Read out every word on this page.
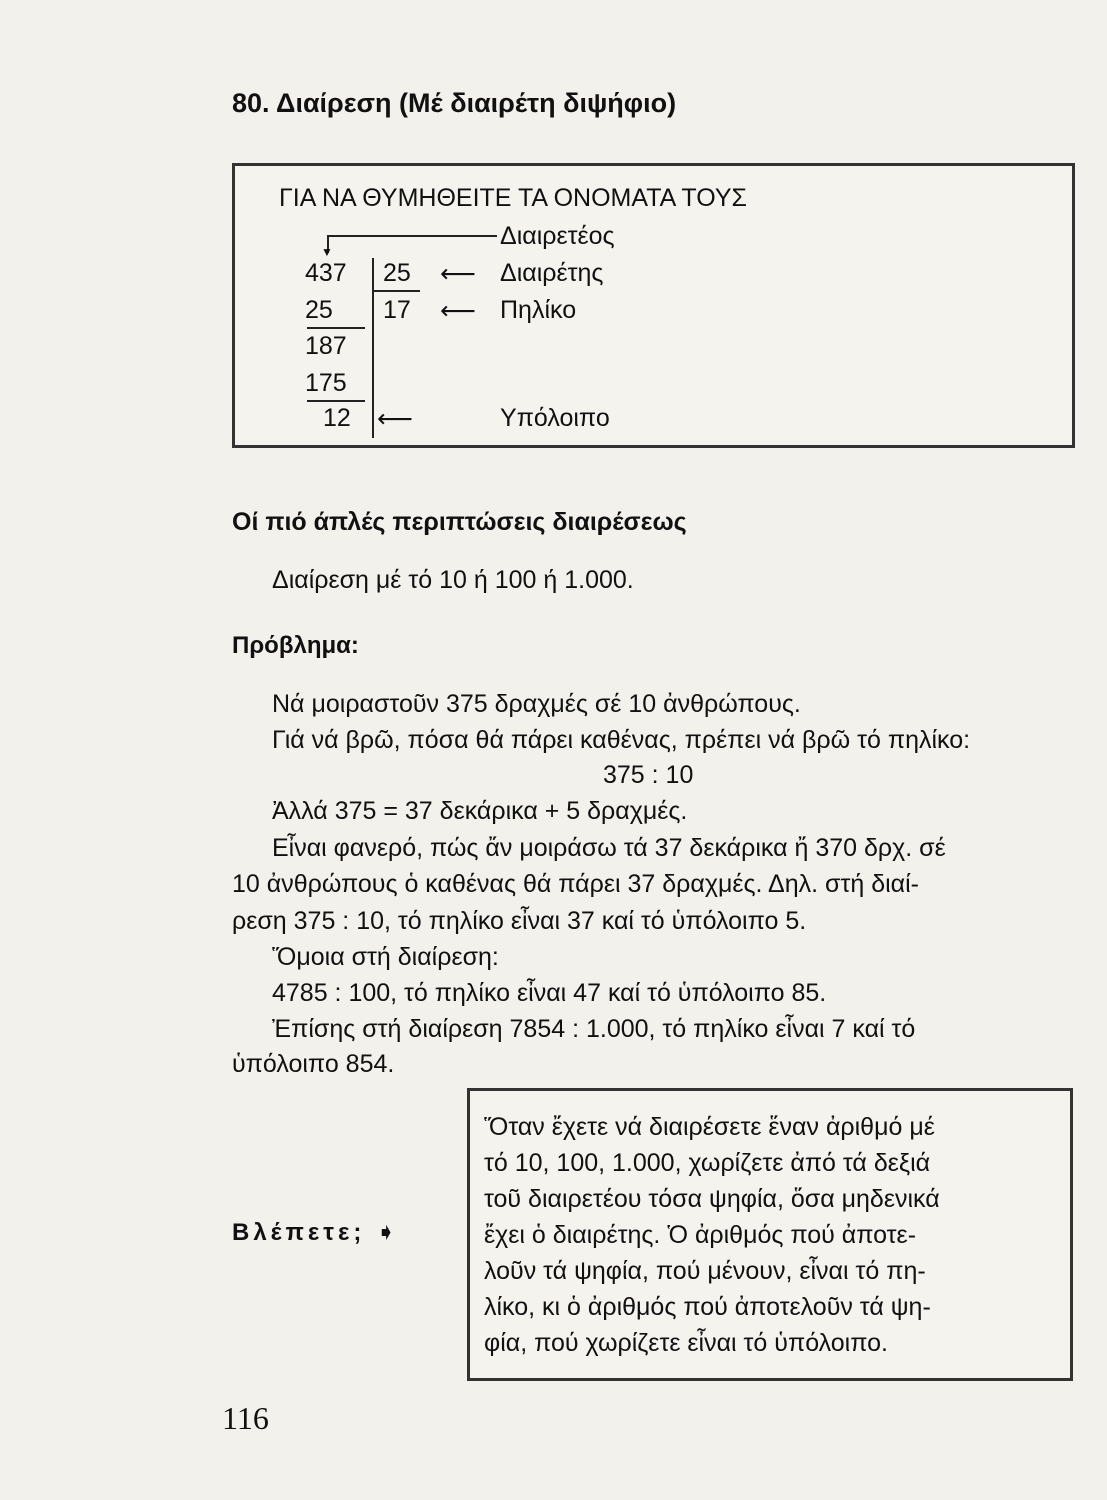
80. Διαίρεση (Μέ διαιρέτη διψήφιο)
ΓΙΑ ΝΑ ΘΥΜΗΘΕΙΤΕ ΤΑ ΟΝΟΜΑΤΑ ΤΟΥΣ
▼
Διαιρετέος
437
25
187
175
12
25
17
⟵ Διαιρέτης
⟵ Πηλίκο
⟵	Υπόλοιπο
Οί πιό άπλές περιπτώσεις διαιρέσεως
Διαίρεση μέ τό 10 ή 100 ή 1.000.
Πρόβλημα:
Νά μοιραστοῦν 375 δραχμές σέ 10 ἀνθρώπους.
Γιά νά βρῶ, πόσα θά πάρει καθένας, πρέπει νά βρῶ τό πηλίκο:
375 : 10
Ἀλλά 375 = 37 δεκάρικα + 5 δραχμές.
Εἶναι φανερό, πώς ἄν μοιράσω τά 37 δεκάρικα ἤ 370 δρχ. σέ
10 ἀνθρώπους ὁ καθένας θά πάρει 37 δραχμές. Δηλ. στή διαί-
ρεση 375 : 10, τό πηλίκο εἶναι 37 καί τό ὑπόλοιπο 5.
Ὅμοια στή διαίρεση:
4785 : 100, τό πηλίκο εἶναι 47 καί τό ὑπόλοιπο 85.
Ἐπίσης στή διαίρεση 7854 : 1.000, τό πηλίκο εἶναι 7 καί τό
ὑπόλοιπο 854.
Βλέπετε; ➧
Ὅταν ἔχετε νά διαιρέσετε ἕναν ἀριθμό μέ
τό 10, 100, 1.000, χωρίζετε ἀπό τά δεξιά
τοῦ διαιρετέου τόσα ψηφία, ὅσα μηδενικά
ἔχει ὁ διαιρέτης. Ὁ ἀριθμός πού ἀποτε-
λοῦν τά ψηφία, πού μένουν, εἶναι τό πη-
λίκο, κι ὁ ἀριθμός πού ἀποτελοῦν τά ψη-
φία, πού χωρίζετε εἶναι τό ὑπόλοιπο.
116
